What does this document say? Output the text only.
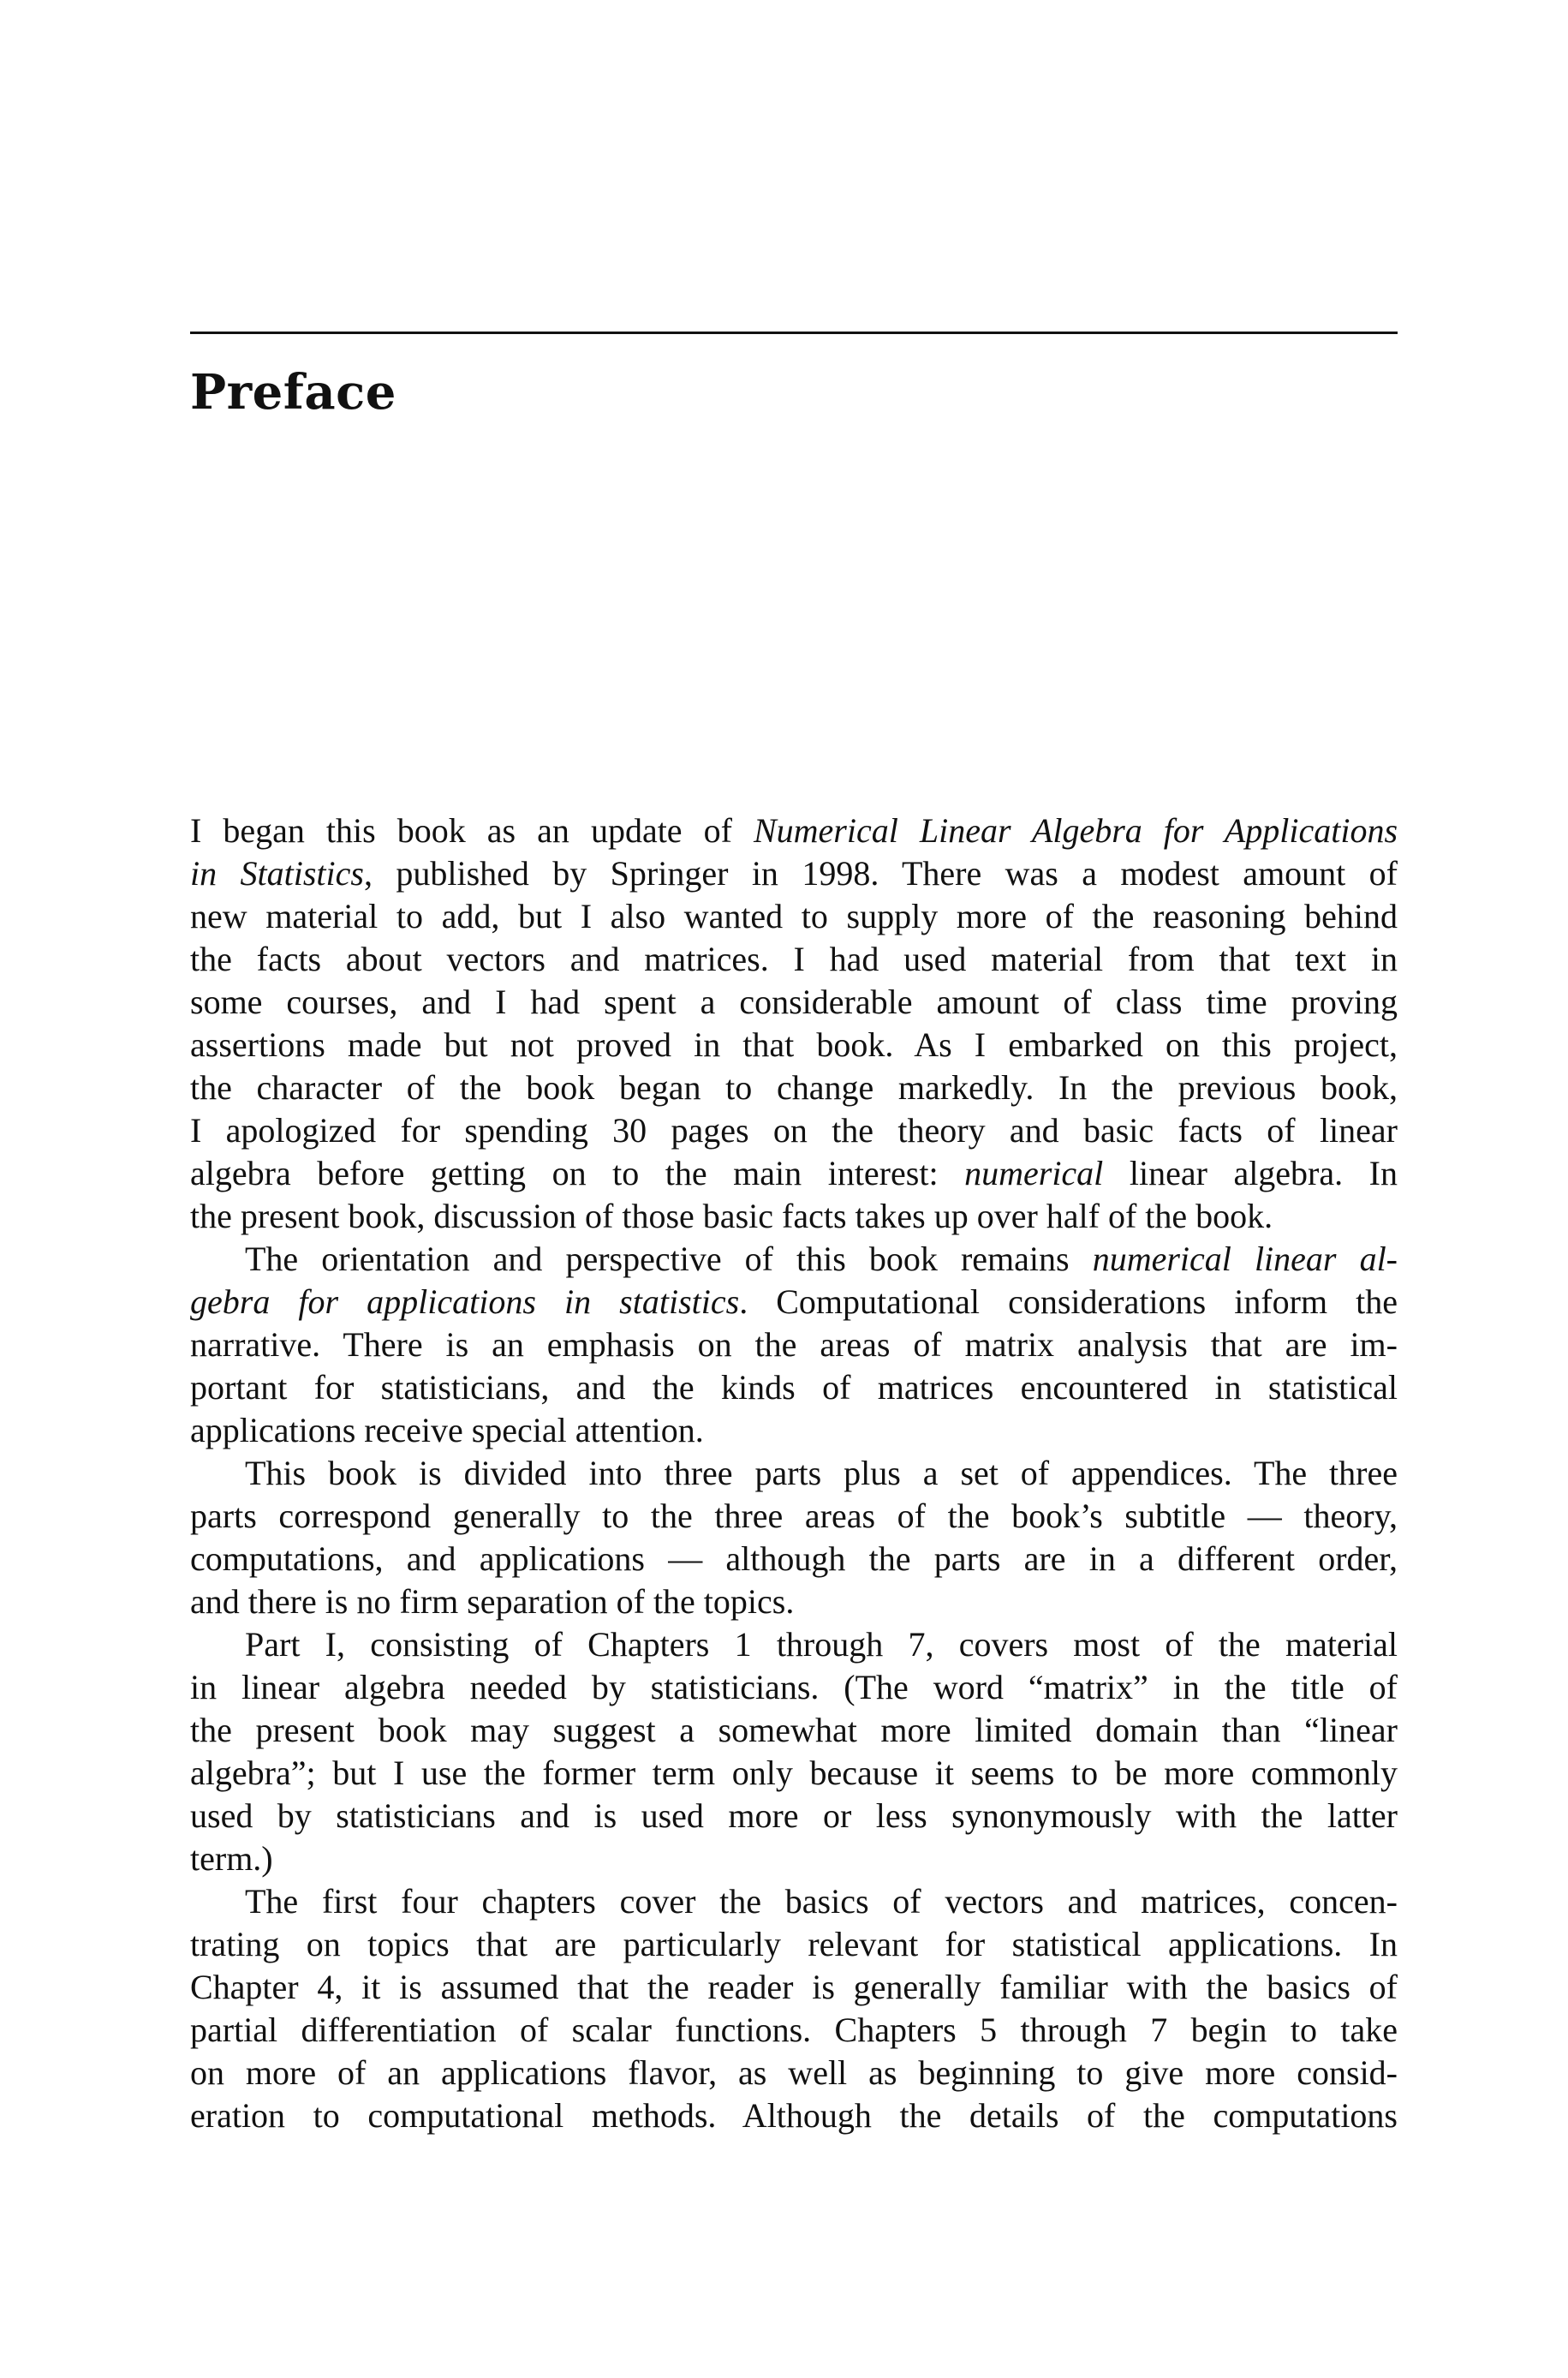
Preface
I began this book as an update of Numerical Linear Algebra for Applications
in Statistics, published by Springer in 1998. There was a modest amount of
new material to add, but I also wanted to supply more of the reasoning behind
the facts about vectors and matrices. I had used material from that text in
some courses, and I had spent a considerable amount of class time proving
assertions made but not proved in that book. As I embarked on this project,
the character of the book began to change markedly. In the previous book,
I apologized for spending 30 pages on the theory and basic facts of linear
algebra before getting on to the main interest: numerical linear algebra. In
the present book, discussion of those basic facts takes up over half of the book.
The orientation and perspective of this book remains numerical linear al-
gebra for applications in statistics. Computational considerations inform the
narrative. There is an emphasis on the areas of matrix analysis that are im-
portant for statisticians, and the kinds of matrices encountered in statistical
applications receive special attention.
This book is divided into three parts plus a set of appendices. The three
parts correspond generally to the three areas of the book’s subtitle — theory,
computations, and applications — although the parts are in a different order,
and there is no firm separation of the topics.
Part I, consisting of Chapters 1 through 7, covers most of the material
in linear algebra needed by statisticians. (The word “matrix” in the title of
the present book may suggest a somewhat more limited domain than “linear
algebra”; but I use the former term only because it seems to be more commonly
used by statisticians and is used more or less synonymously with the latter
term.)
The first four chapters cover the basics of vectors and matrices, concen-
trating on topics that are particularly relevant for statistical applications. In
Chapter 4, it is assumed that the reader is generally familiar with the basics of
partial differentiation of scalar functions. Chapters 5 through 7 begin to take
on more of an applications flavor, as well as beginning to give more consid-
eration to computational methods. Although the details of the computations
